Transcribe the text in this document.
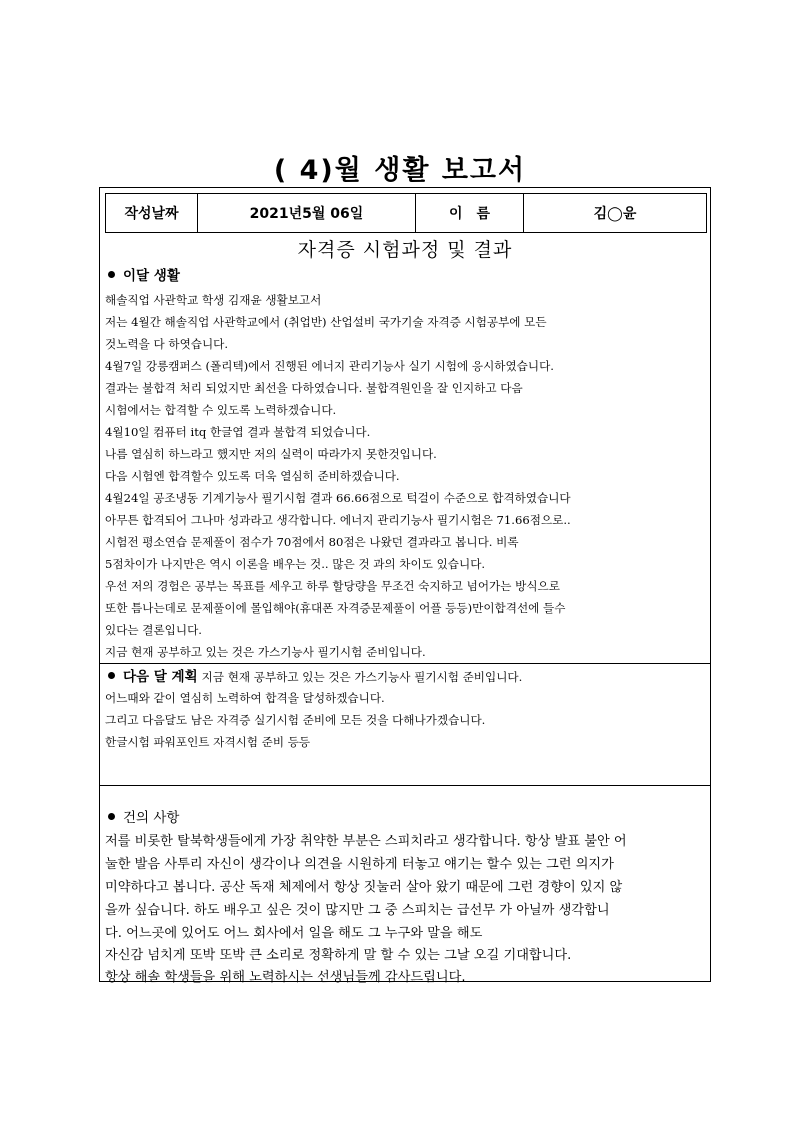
( 4)월 생활 보고서
작성날짜	2021년5월 06일	이 름	김◯윤
자격증 시험과정 및 결과
이달 생활
해솔직업 사관학교 학생 김재윤 생활보고서
저는 4월간 해솔직업 사관학교에서 (취업반) 산업설비 국가기술 자격증 시험공부에 모든
것노력을 다 하엿습니다.
4월7일 강릉캠퍼스 (폴리텍)에서 진행된 에너지 관리기능사 실기 시험에 응시하였습니다.
결과는 불합격 처리 되었지만 최선을 다하였습니다. 불합격원인을 잘 인지하고 다음
시험에서는 합격할 수 있도록 노력하겠습니다.
4월10일 컴퓨터 itq 한글엽 결과 불합격 되었습니다.
나름 열심히 하느라고 했지만 저의 실력이 따라가지 못한것입니다.
다음 시험엔 합격할수 있도록 더욱 열심히 준비하겠습니다.
4월24일 공조냉동 기계기능사 필기시험 결과 66.66점으로 턱걸이 수준으로 합격하였습니다
아무튼 합격되어 그나마 성과라고 생각합니다. 에너지 관리기능사 필기시험은 71.66점으로..
시험전 평소연습 문제풀이 점수가 70점에서 80점은 나왔던 결과라고 봅니다. 비록
5점차이가 나지만은 역시 이론을 배우는 것.. 많은 것 과의 차이도 있습니다.
우선 저의 경험은 공부는 목표를 세우고 하루 할당량을 무조건 숙지하고 넘어가는 방식으로
또한 틈나는데로 문제풀이에 몰입해야(휴대폰 자격증문제풀이 어플 등등)만이합격선에 들수
있다는 결론입니다.
지금 현재 공부하고 있는 것은 가스기능사 필기시험 준비입니다.
다음 달 계획 지금 현재 공부하고 있는 것은 가스기능사 필기시험 준비입니다.
어느때와 같이 열심히 노력하여 합격을 달성하겠습니다.
그리고 다음달도 남은 자격증 실기시험 준비에 모든 것을 다해나가겠습니다.
한글시험 파워포인트 자격시험 준비 등등
건의 사항
저를 비롯한 탈북학생들에게 가장 취약한 부분은 스피치라고 생각합니다. 항상 발표 불안 어
눌한 발음 사투리 자신이 생각이나 의견을 시원하게 터놓고 얘기는 할수 있는 그런 의지가
미약하다고 봅니다. 공산 독재 체제에서 항상 짓눌러 살아 왔기 때문에 그런 경향이 있지 않
을까 싶습니다. 하도 배우고 싶은 것이 많지만 그 중 스피치는 급선무 가 아닐까 생각합니
다. 어느곳에 있어도 어느 회사에서 일을 해도 그 누구와 말을 해도
자신감 넘치게 또박 또박 큰 소리로 정확하게 말 할 수 있는 그날 오길 기대합니다.
항상 해솔 학생들을 위해 노력하시는 선생님들께 감사드립니다.
